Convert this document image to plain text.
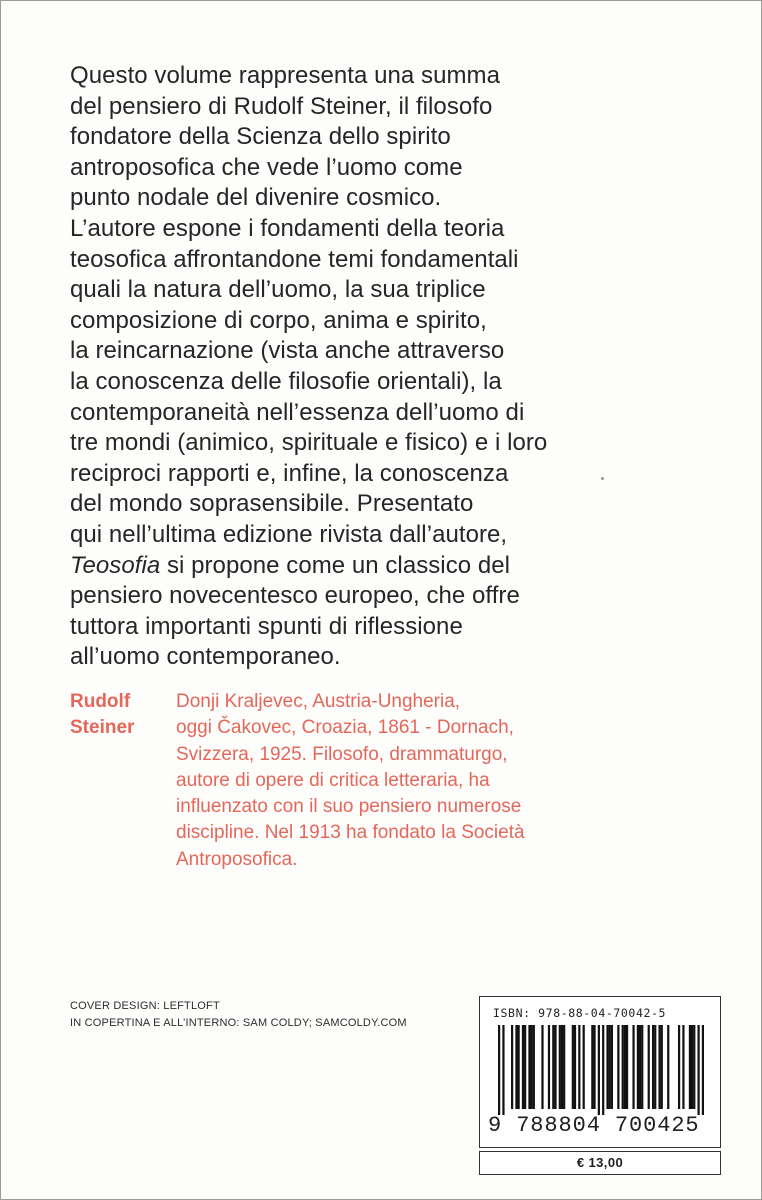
Questo volume rappresenta una summa
del pensiero di Rudolf Steiner, il filosofo
fondatore della Scienza dello spirito
antroposofica che vede l’uomo come
punto nodale del divenire cosmico.
L’autore espone i fondamenti della teoria
teosofica affrontandone temi fondamentali
quali la natura dell’uomo, la sua triplice
composizione di corpo, anima e spirito,
la reincarnazione (vista anche attraverso
la conoscenza delle filosofie orientali), la
contemporaneità nell’essenza dell’uomo di
tre mondi (animico, spirituale e fisico) e i loro
reciproci rapporti e, infine, la conoscenza
del mondo soprasensibile. Presentato
qui nell’ultima edizione rivista dall’autore,
Teosofia si propone come un classico del
pensiero novecentesco europeo, che offre
tuttora importanti spunti di riflessione
all’uomo contemporaneo.
Rudolf
Steiner
Donji Kraljevec, Austria-Ungheria,
oggi Čakovec, Croazia, 1861 - Dornach,
Svizzera, 1925. Filosofo, drammaturgo,
autore di opere di critica letteraria, ha
influenzato con il suo pensiero numerose
discipline. Nel 1913 ha fondato la Società
Antroposofica.
COVER DESIGN: LEFTLOFT
IN COPERTINA E ALL’INTERNO: SAM COLDY; SAMCOLDY.COM
ISBN: 978-88-04-70042-5
9 788804 700425
€ 13,00
